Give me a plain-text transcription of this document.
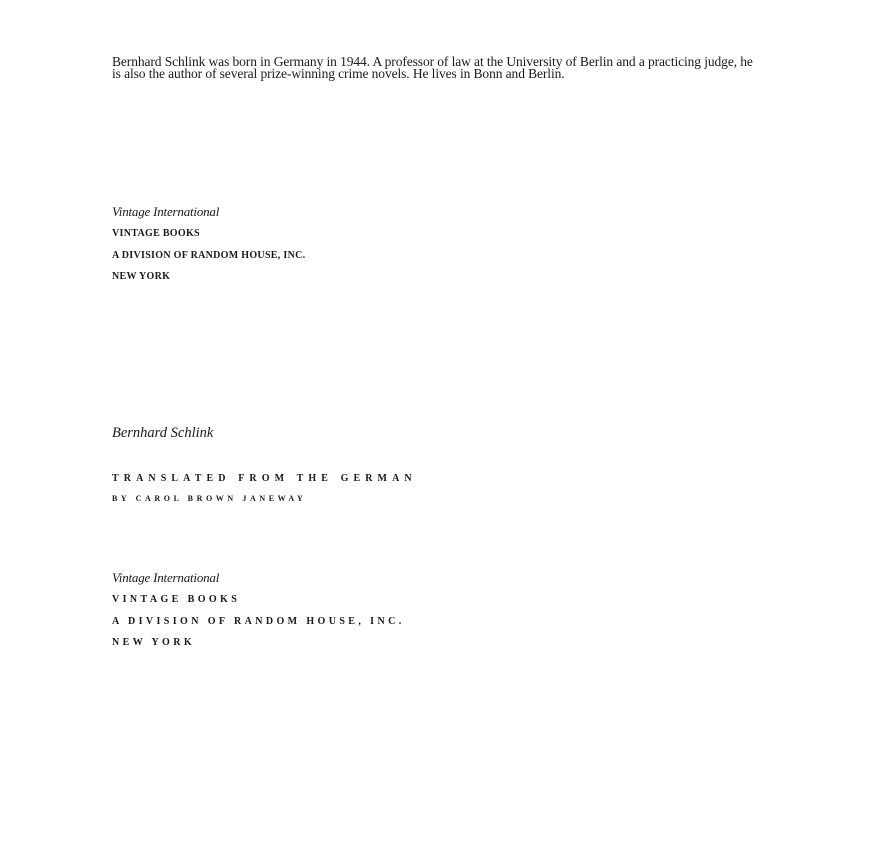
Bernhard Schlink was born in Germany in 1944. A professor of law at the University of Berlin and a practicing judge, he is also the author of several prize-winning crime novels. He lives in Bonn and Berlin.
Vintage International
VINTAGE BOOKS
A DIVISION OF RANDOM HOUSE, INC.
NEW YORK
Bernhard Schlink
TRANSLATED FROM THE GERMAN
BY CAROL BROWN JANEWAY
Vintage International
VINTAGE BOOKS
A DIVISION OF RANDOM HOUSE, INC.
NEW YORK
